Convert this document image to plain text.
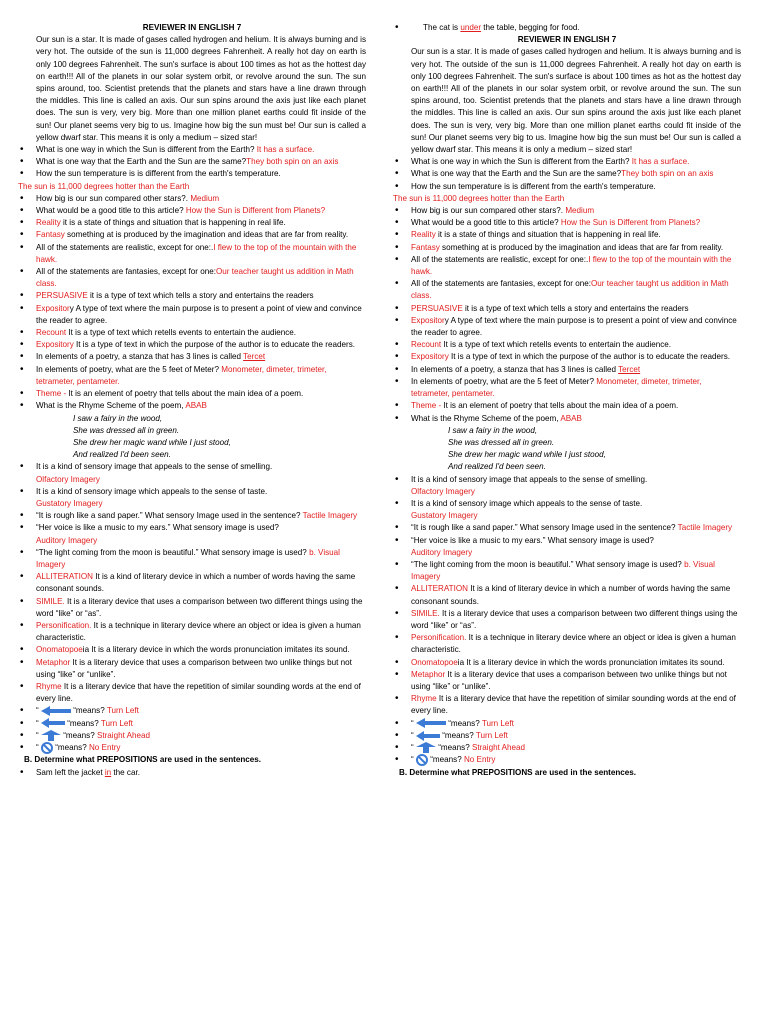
REVIEWER IN ENGLISH 7

Our sun is a star. It is made of gases called hydrogen and helium. It is always burning and is very hot. The outside of the sun is 11,000 degrees Fahrenheit. A really hot day on earth is only 100 degrees Fahrenheit. The sun's surface is about 100 times as hot as the hottest day on earth!!! All of the planets in our solar system orbit, or revolve around the sun. The sun spins around, too. Scientist pretends that the planets and stars have a line drawn through the middles. This line is called an axis. Our sun spins around the axis just like each planet does. The sun is very, very big. More than one million planet earths could fit inside of the sun! Our planet seems very big to us. Imagine how big the sun must be! Our sun is called a yellow dwarf star. This means it is only a medium – sized star!

• What is one way in which the Sun is different from the Earth? It has a surface.
• What is one way that the Earth and the Sun are the same?They both spin on an axis
• How the sun temperature is is different from the earth's temperature.
The sun is 11,000 degrees hotter than the Earth
• How big is our sun compared other stars?. Medium
• What would be a good title to this article? How the Sun is Different from Planets?
• Reality it is a state of things and situation that is happening in real life.
• Fantasy something at is produced by the imagination and ideas that are far from reality.
• All of the statements are realistic, except for one:.I flew to the top of the mountain with the hawk.
• All of the statements are fantasies, except for one:Our teacher taught us addition in Math class.
• PERSUASIVE it is a type of text which tells a story and entertains the readers
• Expository A type of text where the main purpose is to present a point of view and convince the reader to agree.
• Recount It is a type of text which retells events to entertain the audience.
• Expository It is a type of text in which the purpose of the author is to educate the readers.
• In elements of a poetry, a stanza that has 3 lines is called Tercet
• In elements of poetry, what are the 5 feet of Meter? Monometer, dimeter, trimeter, tetrameter, pentameter.
• Theme - It is an element of poetry that tells about the main idea of a poem.
• What is the Rhyme Scheme of the poem, ABAB
I saw a fairy in the wood,
She was dressed all in green.
She drew her magic wand while I just stood,
And realized I'd been seen.
• It is a kind of sensory image that appeals to the sense of smelling.
Olfactory Imagery
• It is a kind of sensory image which appeals to the sense of taste.
Gustatory Imagery
• “It is rough like a sand paper.” What sensory Image used in the sentence? Tactile Imagery
• “Her voice is like a music to my ears.” What sensory image is used?
Auditory Imagery
• “The light coming from the moon is beautiful.” What sensory image is used? b. Visual Imagery
• ALLITERATION It is a kind of literary device in which a number of words having the same consonant sounds.
• SIMILE. It is a literary device that uses a comparison between two different things using the word “like” or “as”.
• Personification. It is a technique in literary device where an object or idea is given a human characteristic.
• Onomatopoeia It is a literary device in which the words pronunciation imitates its sound.
• Metaphor It is a literary device that uses a comparison between two unlike things but not using “like” or “unlike”.
• Rhyme It is a literary device that have the repetition of similar sounding words at the end of every line.
• “	“means? Turn Left
• “	“means? Turn Left
• “	“means? Straight Ahead
• “ “means? No Entry
B. Determine what PREPOSITIONS are used in the sentences.
• Sam left the jacket in the car.
• The cat is under the table, begging for food.
REVIEWER IN ENGLISH 7

Our sun is a star. It is made of gases called hydrogen and helium. It is always burning and is very hot. The outside of the sun is 11,000 degrees Fahrenheit. A really hot day on earth is only 100 degrees Fahrenheit. The sun's surface is about 100 times as hot as the hottest day on earth!!! All of the planets in our solar system orbit, or revolve around the sun. The sun spins around, too. Scientist pretends that the planets and stars have a line drawn through the middles. This line is called an axis. Our sun spins around the axis just like each planet does. The sun is very, very big. More than one million planet earths could fit inside of the sun! Our planet seems very big to us. Imagine how big the sun must be! Our sun is called a yellow dwarf star. This means it is only a medium – sized star!

• What is one way in which the Sun is different from the Earth? It has a surface.
• What is one way that the Earth and the Sun are the same?They both spin on an axis
• How the sun temperature is is different from the earth's temperature.
The sun is 11,000 degrees hotter than the Earth
• How big is our sun compared other stars?. Medium
• What would be a good title to this article? How the Sun is Different from Planets?
• Reality it is a state of things and situation that is happening in real life.
• Fantasy something at is produced by the imagination and ideas that are far from reality.
• All of the statements are realistic, except for one:.I flew to the top of the mountain with the hawk.
• All of the statements are fantasies, except for one:Our teacher taught us addition in Math class.
• PERSUASIVE it is a type of text which tells a story and entertains the readers
• Expository A type of text where the main purpose is to present a point of view and convince the reader to agree.
• Recount It is a type of text which retells events to entertain the audience.
• Expository It is a type of text in which the purpose of the author is to educate the readers.
• In elements of a poetry, a stanza that has 3 lines is called Tercet
• In elements of poetry, what are the 5 feet of Meter? Monometer, dimeter, trimeter, tetrameter, pentameter.
• Theme - It is an element of poetry that tells about the main idea of a poem.
• What is the Rhyme Scheme of the poem, ABAB
I saw a fairy in the wood,
She was dressed all in green.
She drew her magic wand while I just stood,
And realized I'd been seen.
• It is a kind of sensory image that appeals to the sense of smelling.
Olfactory Imagery
• It is a kind of sensory image which appeals to the sense of taste.
Gustatory Imagery
• “It is rough like a sand paper.” What sensory Image used in the sentence? Tactile Imagery
• “Her voice is like a music to my ears.” What sensory image is used?
Auditory Imagery
• “The light coming from the moon is beautiful.” What sensory image is used? b. Visual Imagery
• ALLITERATION It is a kind of literary device in which a number of words having the same consonant sounds.
• SIMILE. It is a literary device that uses a comparison between two different things using the word “like” or “as”.
• Personification. It is a technique in literary device where an object or idea is given a human characteristic.
• Onomatopoeia It is a literary device in which the words pronunciation imitates its sound.
• Metaphor It is a literary device that uses a comparison between two unlike things but not using “like” or “unlike”.
• Rhyme It is a literary device that have the repetition of similar sounding words at the end of every line.
• “	“means? Turn Left
• “	“means? Turn Left
• “	“means? Straight Ahead
• “ “means? No Entry
B. Determine what PREPOSITIONS are used in the sentences.
